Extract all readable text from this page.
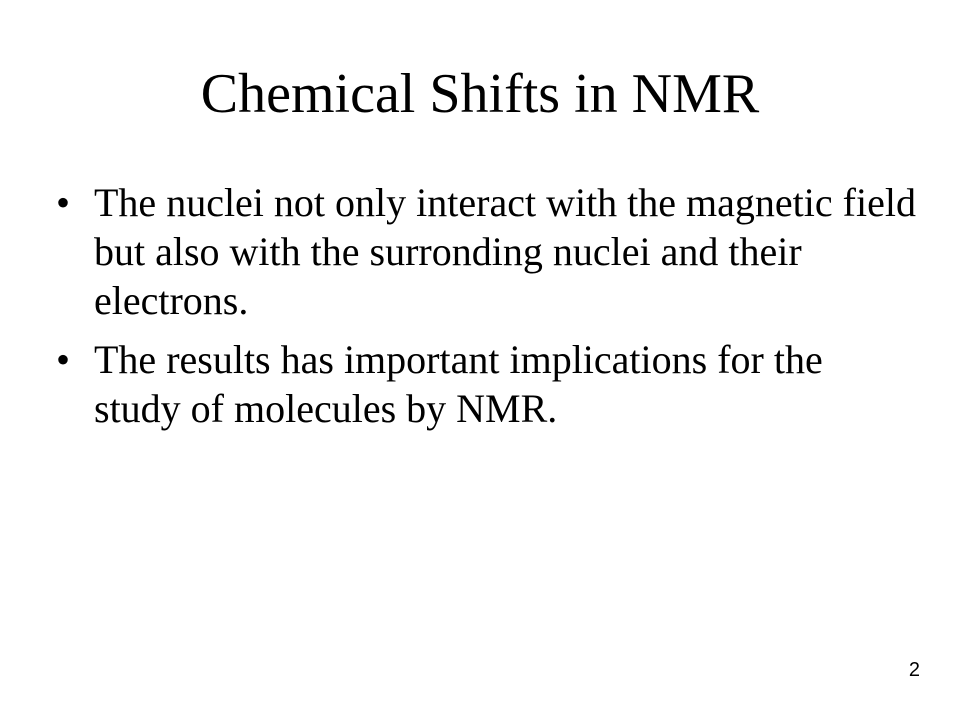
Chemical Shifts in NMR
• The nuclei not only interact with the magnetic field but also with the surronding nuclei and their electrons.
• The results has important implications for the study of molecules by NMR.
2
